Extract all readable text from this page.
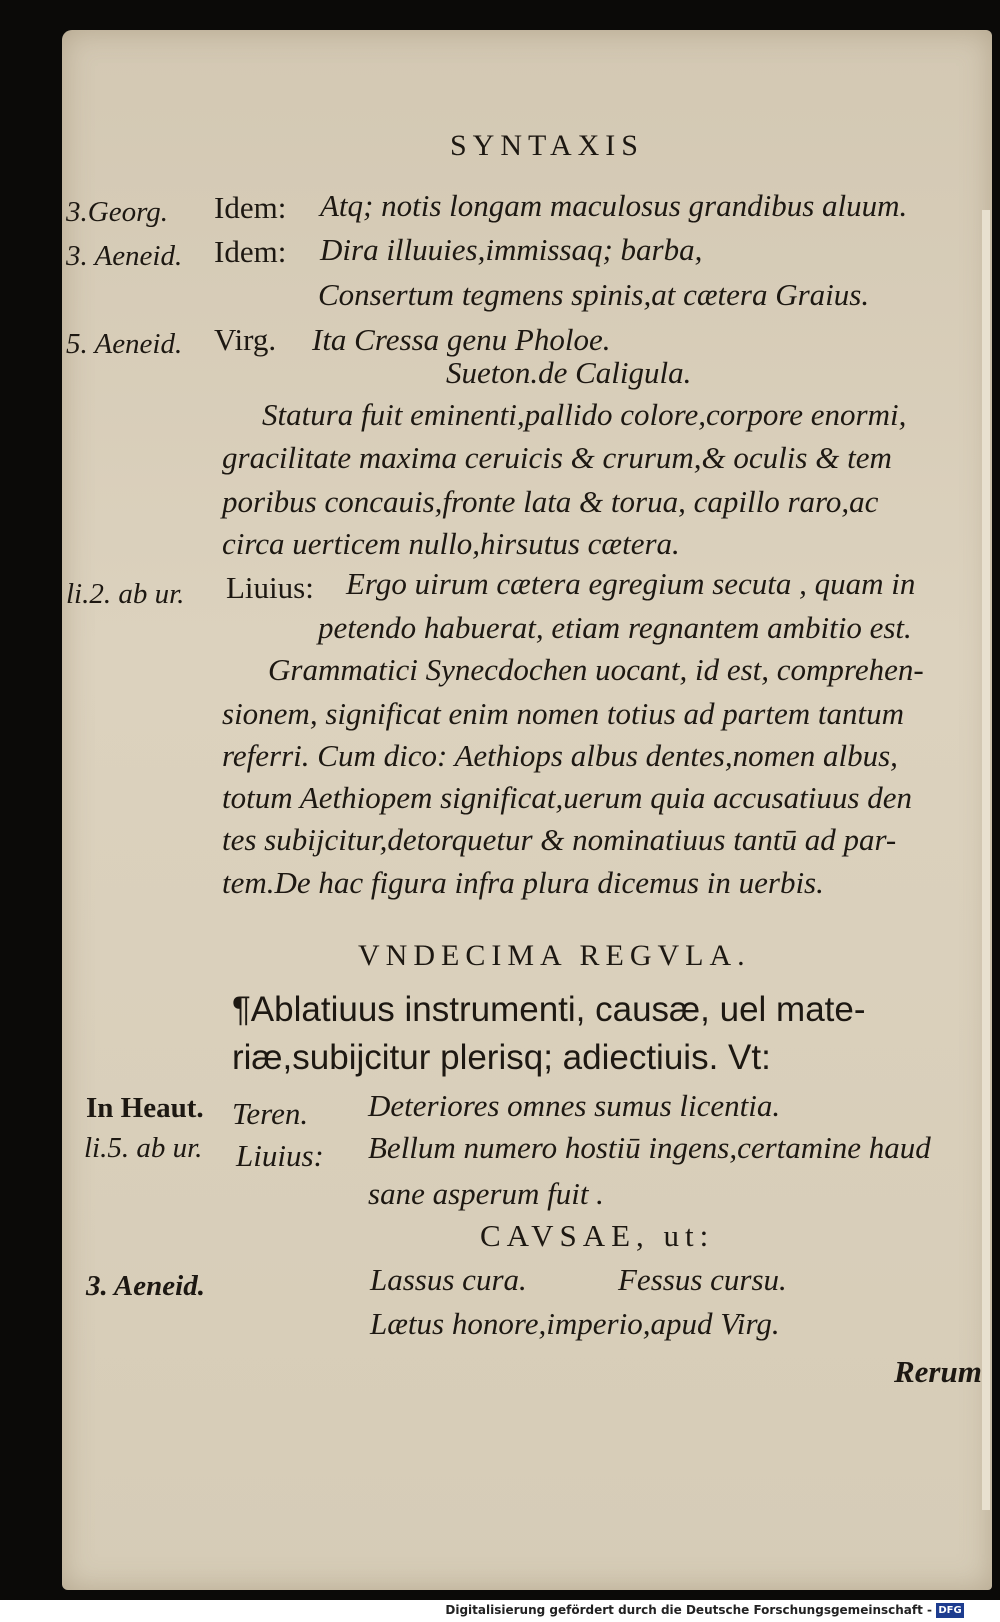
SYNTAXIS
3.Georg. Idem: Atq; notis longam maculosus grandibus aluum.
3. Aeneid. Idem: Dira illuuies,immissaq; barba,
Consertum tegmens spinis,at cætera Graius.
5. Aeneid. Virg. Ita Cressa genu Pholoe.
Sueton.de Caligula.
Statura fuit eminenti,pallido colore,corpore enormi,
gracilitate maxima ceruicis & crurum,& oculis & tem
poribus concauis,fronte lata & torua, capillo raro,ac
circa uerticem nullo,hirsutus cætera.
li.2. ab ur. Liuius: Ergo uirum cætera egregium secuta , quam in
petendo habuerat, etiam regnantem ambitio est.
Grammatici Synecdochen uocant, id est, comprehen-
sionem, significat enim nomen totius ad partem tantum
referri. Cum dico: Aethiops albus dentes,nomen albus,
totum Aethiopem significat,uerum quia accusatiuus den
tes subijcitur,detorquetur & nominatiuus tantū ad par-
tem.De hac figura infra plura dicemus in uerbis.
VNDECIMA REGVLA.
¶Ablatiuus instrumenti, causæ, uel mate-
riæ,subijcitur plerisq; adiectiuis. Vt:
In Heaut. Teren. Deteriores omnes sumus licentia.
li.5. ab ur. Liuius: Bellum numero hostiū ingens,certamine haud
sane asperum fuit .
CAVSAE, ut:
3. Aeneid.	Lassus cura.	Fessus cursu.
Lætus honore,imperio,apud Virg.
Rerum
Digitalisierung gefördert durch die Deutsche Forschungsgemeinschaft - DFG
